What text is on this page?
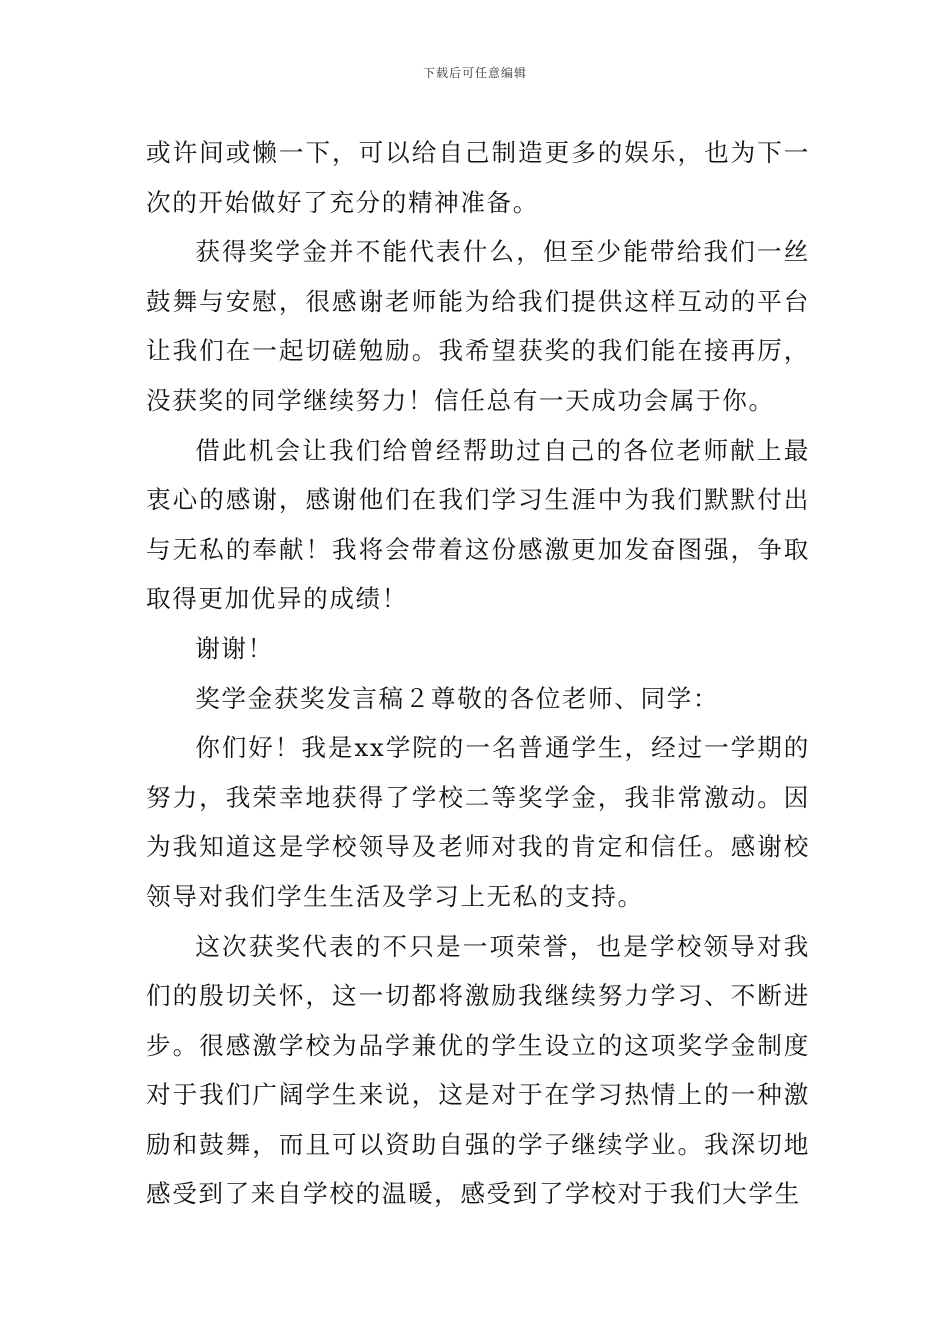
下载后可任意编辑

或许间或懒一下，可以给自己制造更多的娱乐，也为下一次的开始做好了充分的精神准备。

获得奖学金并不能代表什么，但至少能带给我们一丝鼓舞与安慰，很感谢老师能为给我们提供这样互动的平台让我们在一起切磋勉励。我希望获奖的我们能在接再厉，没获奖的同学继续努力！信任总有一天成功会属于你。

借此机会让我们给曾经帮助过自己的各位老师献上最衷心的感谢，感谢他们在我们学习生涯中为我们默默付出与无私的奉献！我将会带着这份感激更加发奋图强，争取取得更加优异的成绩！

谢谢！

奖学金获奖发言稿２尊敬的各位老师、同学：

你们好！我是xx学院的一名普通学生，经过一学期的努力，我荣幸地获得了学校二等奖学金，我非常激动。因为我知道这是学校领导及老师对我的肯定和信任。感谢校领导对我们学生生活及学习上无私的支持。

这次获奖代表的不只是一项荣誉，也是学校领导对我们的殷切关怀，这一切都将激励我继续努力学习、不断进步。很感激学校为品学兼优的学生设立的这项奖学金制度对于我们广阔学生来说，这是对于在学习热情上的一种激励和鼓舞，而且可以资助自强的学子继续学业。我深切地感受到了来自学校的温暖，感受到了学校对于我们大学生
